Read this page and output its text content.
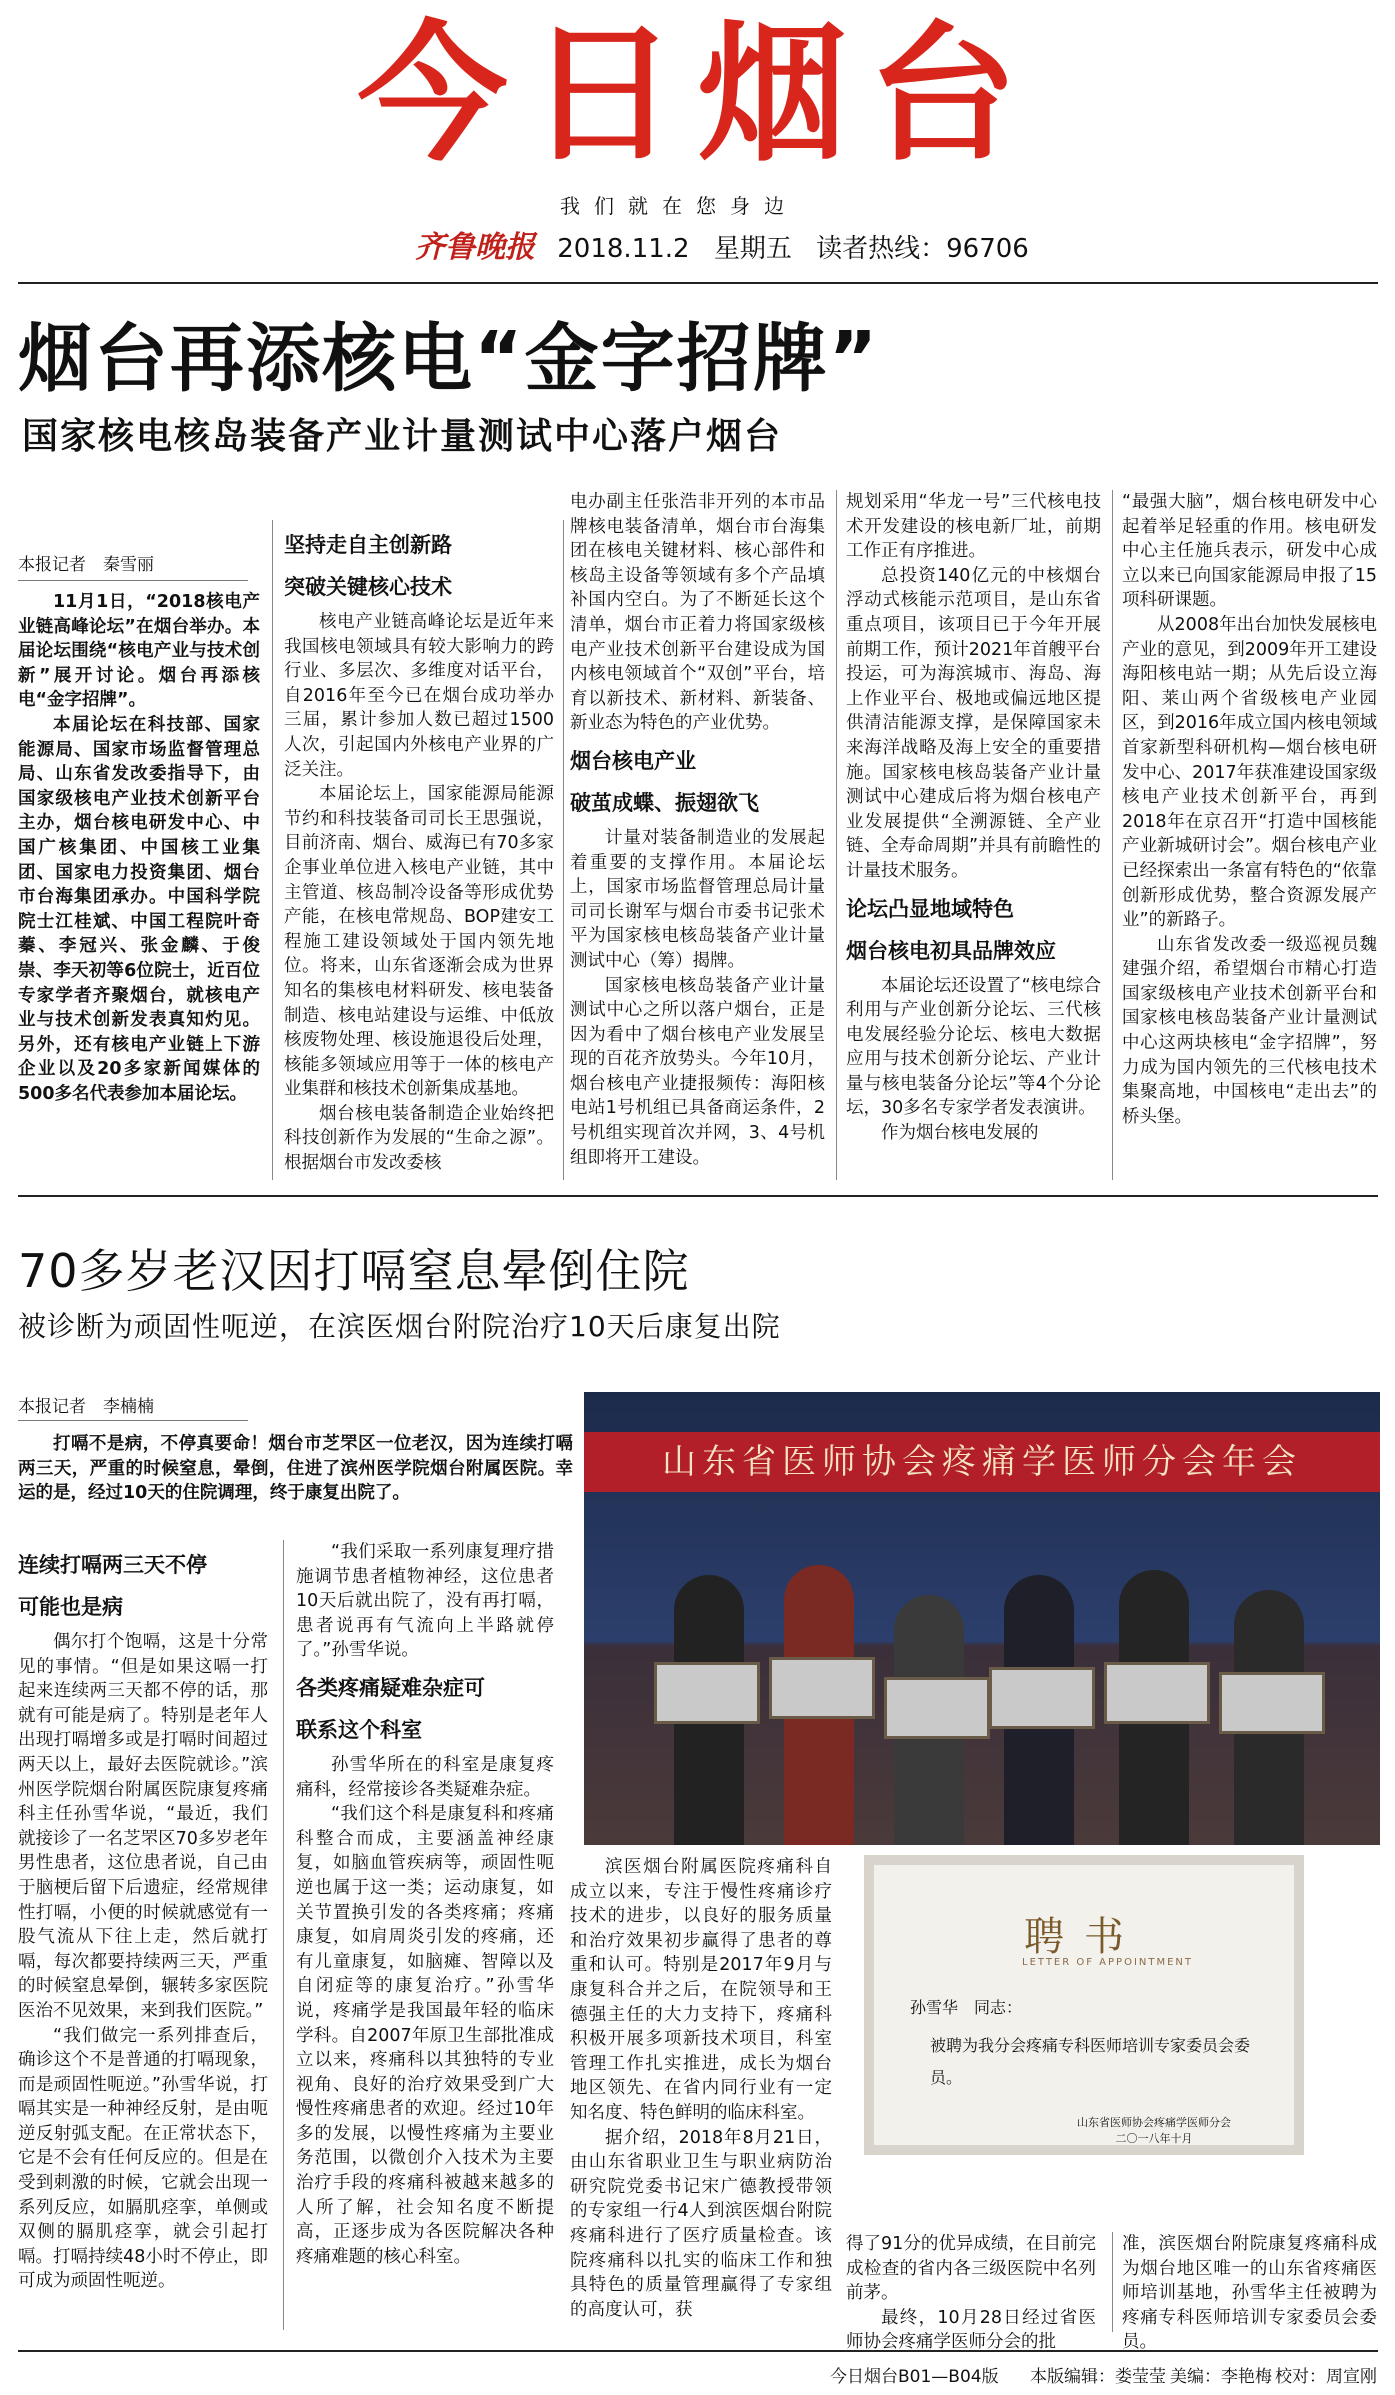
今日烟台
我们就在您身边
齐鲁晚报 2018.11.2 星期五 读者热线：96706
烟台再添核电“金字招牌”
国家核电核岛装备产业计量测试中心落户烟台
本报记者　秦雪丽

11月1日，“2018核电产业链高峰论坛”在烟台举办。本届论坛围绕“核电产业与技术创新”展开讨论。烟台再添核电“金字招牌”。

本届论坛在科技部、国家能源局、国家市场监督管理总局、山东省发改委指导下，由国家级核电产业技术创新平台主办，烟台核电研发中心、中国广核集团、中国核工业集团、国家电力投资集团、烟台市台海集团承办。中国科学院院士江桂斌、中国工程院叶奇蓁、李冠兴、张金麟、于俊崇、李天初等6位院士，近百位专家学者齐聚烟台，就核电产业与技术创新发表真知灼见。另外，还有核电产业链上下游企业以及20多家新闻媒体的500多名代表参加本届论坛。

坚持走自主创新路

突破关键核心技术

核电产业链高峰论坛是近年来我国核电领域具有较大影响力的跨行业、多层次、多维度对话平台，自2016年至今已在烟台成功举办三届，累计参加人数已超过1500人次，引起国内外核电产业界的广泛关注。

本届论坛上，国家能源局能源节约和科技装备司司长王思强说，目前济南、烟台、威海已有70多家企事业单位进入核电产业链，其中主管道、核岛制冷设备等形成优势产能，在核电常规岛、BOP建安工程施工建设领域处于国内领先地位。将来，山东省逐渐会成为世界知名的集核电材料研发、核电装备制造、核电站建设与运维、中低放核废物处理、核设施退役后处理，核能多领域应用等于一体的核电产业集群和核技术创新集成基地。

烟台核电装备制造企业始终把科技创新作为发展的“生命之源”。根据烟台市发改委核

电办副主任张浩非开列的本市品牌核电装备清单，烟台市台海集团在核电关键材料、核心部件和核岛主设备等领域有多个产品填补国内空白。为了不断延长这个清单，烟台市正着力将国家级核电产业技术创新平台建设成为国内核电领域首个“双创”平台，培育以新技术、新材料、新装备、新业态为特色的产业优势。

烟台核电产业

破茧成蝶、振翅欲飞

计量对装备制造业的发展起着重要的支撑作用。本届论坛上，国家市场监督管理总局计量司司长谢军与烟台市委书记张术平为国家核电核岛装备产业计量测试中心（筹）揭牌。

国家核电核岛装备产业计量测试中心之所以落户烟台，正是因为看中了烟台核电产业发展呈现的百花齐放势头。今年10月，烟台核电产业捷报频传：海阳核电站1号机组已具备商运条件，2号机组实现首次并网，3、4号机组即将开工建设。

规划采用“华龙一号”三代核电技术开发建设的核电新厂址，前期工作正有序推进。

总投资140亿元的中核烟台浮动式核能示范项目，是山东省重点项目，该项目已于今年开展前期工作，预计2021年首艘平台投运，可为海滨城市、海岛、海上作业平台、极地或偏远地区提供清洁能源支撑，是保障国家未来海洋战略及海上安全的重要措施。国家核电核岛装备产业计量测试中心建成后将为烟台核电产业发展提供“全溯源链、全产业链、全寿命周期”并具有前瞻性的计量技术服务。

论坛凸显地域特色

烟台核电初具品牌效应

本届论坛还设置了“核电综合利用与产业创新分论坛、三代核电发展经验分论坛、核电大数据应用与技术创新分论坛、产业计量与核电装备分论坛”等4个分论坛，30多名专家学者发表演讲。

作为烟台核电发展的

“最强大脑”，烟台核电研发中心起着举足轻重的作用。核电研发中心主任施兵表示，研发中心成立以来已向国家能源局申报了15项科研课题。

从2008年出台加快发展核电产业的意见，到2009年开工建设海阳核电站一期；从先后设立海阳、莱山两个省级核电产业园区，到2016年成立国内核电领域首家新型科研机构—烟台核电研发中心、2017年获准建设国家级核电产业技术创新平台，再到2018年在京召开“打造中国核能产业新城研讨会”。烟台核电产业已经探索出一条富有特色的“依靠创新形成优势，整合资源发展产业”的新路子。

山东省发改委一级巡视员魏建强介绍，希望烟台市精心打造国家级核电产业技术创新平台和国家核电核岛装备产业计量测试中心这两块核电“金字招牌”，努力成为国内领先的三代核电技术集聚高地，中国核电“走出去”的桥头堡。

70多岁老汉因打嗝窒息晕倒住院
被诊断为顽固性呃逆，在滨医烟台附院治疗10天后康复出院
本报记者　李楠楠

打嗝不是病，不停真要命！烟台市芝罘区一位老汉，因为连续打嗝两三天，严重的时候窒息，晕倒，住进了滨州医学院烟台附属医院。幸运的是，经过10天的住院调理，终于康复出院了。

连续打嗝两三天不停

可能也是病

偶尔打个饱嗝，这是十分常见的事情。“但是如果这嗝一打起来连续两三天都不停的话，那就有可能是病了。特别是老年人出现打嗝增多或是打嗝时间超过两天以上，最好去医院就诊。”滨州医学院烟台附属医院康复疼痛科主任孙雪华说，“最近，我们就接诊了一名芝罘区70多岁老年男性患者，这位患者说，自己由于脑梗后留下后遗症，经常规律性打嗝，小便的时候就感觉有一股气流从下往上走，然后就打嗝，每次都要持续两三天，严重的时候窒息晕倒，辗转多家医院医治不见效果，来到我们医院。”

“我们做完一系列排查后，确诊这个不是普通的打嗝现象，而是顽固性呃逆。”孙雪华说，打嗝其实是一种神经反射，是由呃逆反射弧支配。在正常状态下，它是不会有任何反应的。但是在受到刺激的时候，它就会出现一系列反应，如膈肌痉挛，单侧或双侧的膈肌痉挛，就会引起打嗝。打嗝持续48小时不停止，即可成为顽固性呃逆。

“我们采取一系列康复理疗措施调节患者植物神经，这位患者10天后就出院了，没有再打嗝，患者说再有气流向上半路就停了。”孙雪华说。

各类疼痛疑难杂症可

联系这个科室

孙雪华所在的科室是康复疼痛科，经常接诊各类疑难杂症。

“我们这个科是康复科和疼痛科整合而成，主要涵盖神经康复，如脑血管疾病等，顽固性呃逆也属于这一类；运动康复，如关节置换引发的各类疼痛；疼痛康复，如肩周炎引发的疼痛，还有儿童康复，如脑瘫、智障以及自闭症等的康复治疗。”孙雪华说，疼痛学是我国最年轻的临床学科。自2007年原卫生部批准成立以来，疼痛科以其独特的专业视角、良好的治疗效果受到广大慢性疼痛患者的欢迎。经过10年多的发展，以慢性疼痛为主要业务范围，以微创介入技术为主要治疗手段的疼痛科被越来越多的人所了解，社会知名度不断提高，正逐步成为各医院解决各种疼痛难题的核心科室。

山东省医师协会疼痛学医师分会年会

滨医烟台附属医院疼痛科自成立以来，专注于慢性疼痛诊疗技术的进步，以良好的服务质量和治疗效果初步赢得了患者的尊重和认可。特别是2017年9月与康复科合并之后，在院领导和王德强主任的大力支持下，疼痛科积极开展多项新技术项目，科室管理工作扎实推进，成长为烟台地区领先、在省内同行业有一定知名度、特色鲜明的临床科室。

据介绍，2018年8月21日，由山东省职业卫生与职业病防治研究院党委书记宋广德教授带领的专家组一行4人到滨医烟台附院疼痛科进行了医疗质量检查。该院疼痛科以扎实的临床工作和独具特色的质量管理赢得了专家组的高度认可，获

聘书
LETTER OF APPOINTMENT
孙雪华　同志：
被聘为我分会疼痛专科医师培训专家委员会委员。
山东省医师协会疼痛学医师分会
二〇一八年十月

得了91分的优异成绩，在目前完成检查的省内各三级医院中名列前茅。

最终，10月28日经过省医师协会疼痛学医师分会的批

准，滨医烟台附院康复疼痛科成为烟台地区唯一的山东省疼痛医师培训基地，孙雪华主任被聘为疼痛专科医师培训专家委员会委员。

今日烟台B01—B04版 本版编辑：娄莹莹 美编：李艳梅 校对：周宣刚
